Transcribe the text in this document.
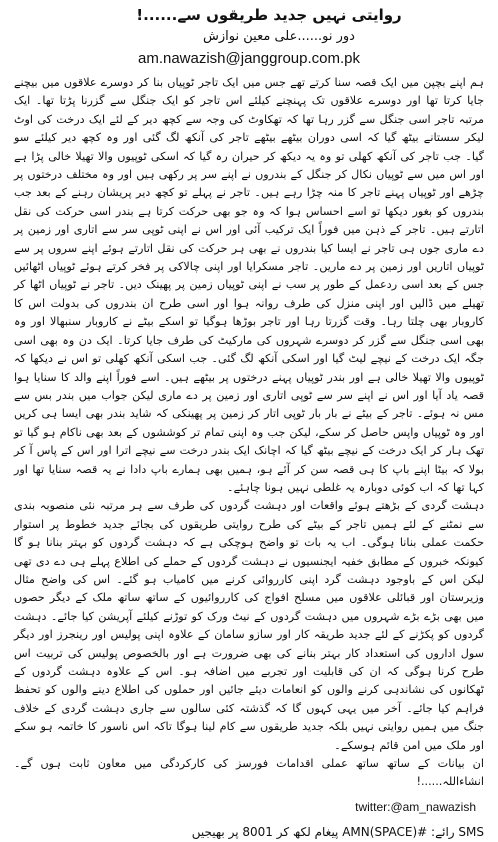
روایتی نہیں جدید طریقوں سے......!
دور نو......علی معین نوازش
am.nawazish@janggroup.com.pk

ہم اپنے بچپن میں ایک قصہ سنا کرتے تھے جس میں ایک تاجر ٹوپیاں بنا کر دوسرے علاقوں میں بیچنے جایا کرتا تھا اور دوسرے علاقوں تک پہنچنے کیلئے اس تاجر کو ایک جنگل سے گزرنا پڑتا تھا۔ ایک مرتبہ تاجر اسی جنگل سے گزر رہا تھا کہ تھکاوٹ کی وجہ سے کچھ دیر کے لئے ایک درخت کی اوٹ لیکر سستانے بیٹھ گیا کہ اسی دوران بیٹھے بیٹھے تاجر کی آنکھ لگ گئی اور وہ کچھ دیر کیلئے سو گیا۔ جب تاجر کی آنکھ کھلی تو وہ یہ دیکھ کر حیران رہ گیا کہ اسکی ٹوپیوں والا تھیلا خالی پڑا ہے اور اس میں سے ٹوپیاں نکال کر جنگل کے بندروں نے اپنے سر پر رکھی ہیں اور وہ مختلف درختوں پر چڑھے اور ٹوپیاں پہنے تاجر کا منہ چڑا رہے ہیں۔ تاجر نے پہلے تو کچھ دیر پریشان رہنے کے بعد جب بندروں کو بغور دیکھا تو اسے احساس ہوا کہ وہ جو بھی حرکت کرتا ہے بندر اسی حرکت کی نقل اتارتے ہیں۔ تاجر کے ذہن میں فوراً ایک ترکیب آئی اور اس نے اپنی ٹوپی سر سے اتاری اور زمین پر دے ماری جوں ہی تاجر نے ایسا کیا بندروں نے بھی ہر حرکت کی نقل اتارتے ہوئے اپنے سروں پر سے ٹوپیاں اتاریں اور زمین پر دے ماریں۔ تاجر مسکرایا اور اپنی چالاکی پر فخر کرتے ہوئے ٹوپیاں اٹھائیں جس کے بعد اسی ردعمل کے طور پر سب نے اپنی ٹوپیاں زمین پر پھینک دیں۔ تاجر نے ٹوپیاں اٹھا کر تھیلے میں ڈالیں اور اپنی منزل کی طرف روانہ ہوا اور اسی طرح ان بندروں کی بدولت اس کا کاروبار بھی چلتا رہا۔ وقت گزرتا رہا اور تاجر بوڑھا ہوگیا تو اسکے بیٹے نے کاروبار سنبھالا اور وہ بھی اسی جنگل سے گزر کر دوسرے شہروں کی مارکیٹ کی طرف جایا کرتا۔ ایک دن وہ بھی اسی جگہ ایک درخت کے نیچے لیٹ گیا اور اسکی آنکھ لگ گئی۔ جب اسکی آنکھ کھلی تو اس نے دیکھا کہ ٹوپیوں والا تھیلا خالی ہے اور بندر ٹوپیاں پہنے درختوں پر بیٹھے ہیں۔ اسے فوراً اپنے والد کا سنایا ہوا قصہ یاد آیا اور اس نے اپنے سر سے ٹوپی اتاری اور زمین پر دے ماری لیکن جواب میں بندر بس سے مس نہ ہوئے۔ تاجر کے بیٹے نے بار بار ٹوپی اتار کر زمین پر پھینکی کہ شاید بندر بھی ایسا ہی کریں اور وہ ٹوپیاں واپس حاصل کر سکے، لیکن جب وہ اپنی تمام تر کوششوں کے بعد بھی ناکام ہو گیا تو تھک ہار کر ایک درخت کے نیچے بیٹھ گیا کہ اچانک ایک بندر درخت سے نیچے اترا اور اس کے پاس آ کر بولا کہ بیٹا اپنے باپ کا ہی قصہ سن کر آئے ہو، ہمیں بھی ہمارے باپ دادا نے یہ قصہ سنایا تھا اور کہا تھا کہ اب کوئی دوبارہ یہ غلطی نہیں ہونا چاہئے۔

دہشت گردی کے بڑھتے ہوئے واقعات اور دہشت گردوں کی طرف سے ہر مرتبہ نئی منصوبہ بندی سے نمٹنے کے لئے ہمیں تاجر کے بیٹے کی طرح روایتی طریقوں کی بجائے جدید خطوط پر استوار حکمت عملی بنانا ہوگی۔ اب یہ بات تو واضح ہوچکی ہے کہ دہشت گردوں کو بہتر بنانا ہو گا کیونکہ خبروں کے مطابق خفیہ ایجنسیوں نے دہشت گردوں کے حملے کی اطلاع پہلے ہی دے دی تھی لیکن اس کے باوجود دہشت گرد اپنی کارروائی کرنے میں کامیاب ہو گئے۔ اس کی واضح مثال وزیرستان اور قبائلی علاقوں میں مسلح افواج کی کارروائیوں کے ساتھ ساتھ ملک کے دیگر حصوں میں بھی بڑے بڑے شہروں میں دہشت گردوں کے نیٹ ورک کو توڑنے کیلئے آپریشن کیا جائے۔ دہشت گردوں کو پکڑنے کے لئے جدید طریقہ کار اور سازو سامان کے علاوہ اپنی پولیس اور رینجرز اور دیگر سول اداروں کی استعداد کار بہتر بنانے کی بھی ضرورت ہے اور بالخصوص پولیس کی تربیت اس طرح کرنا ہوگی کہ ان کی قابلیت اور تجربے میں اضافہ ہو۔ اس کے علاوہ دہشت گردوں کے ٹھکانوں کی نشاندہی کرنے والوں کو انعامات دیئے جائیں اور حملوں کی اطلاع دینے والوں کو تحفظ فراہم کیا جائے۔ آخر میں یہی کہوں گا کہ گذشتہ کئی سالوں سے جاری دہشت گردی کے خلاف جنگ میں ہمیں روایتی نہیں بلکہ جدید طریقوں سے کام لینا ہوگا تاکہ اس ناسور کا خاتمہ ہو سکے اور ملک میں امن قائم ہوسکے۔

ان بیانات کے ساتھ ساتھ عملی اقدامات فورسز کی کارکردگی میں معاون ثابت ہوں گے۔ انشاءاللہ......!

twitter:@am_nawazish
SMS رائے: #AMN(SPACE) پیغام لکھ کر 8001 پر بھیجیں
